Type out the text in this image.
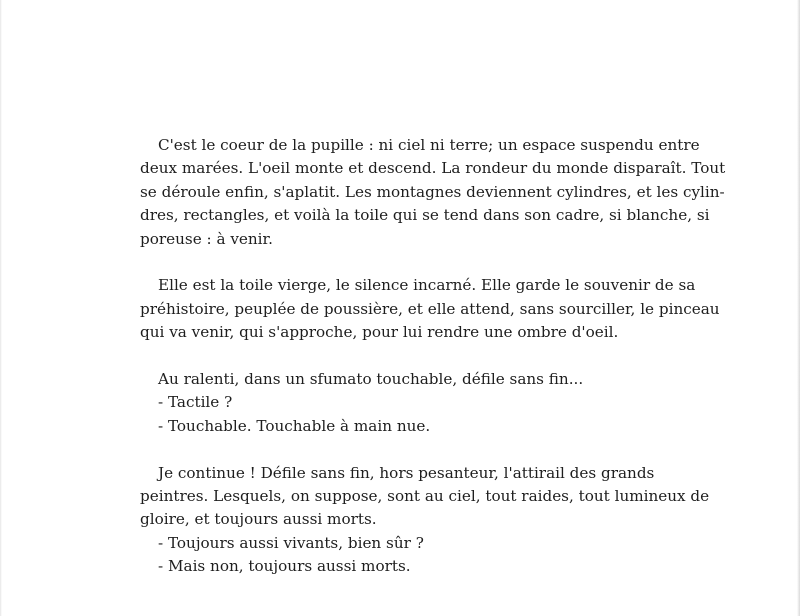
C'est le coeur de la pupille : ni ciel ni terre; un espace suspendu entre
deux marées. L'oeil monte et descend. La rondeur du monde disparaît. Tout
se déroule enfin, s'aplatit. Les montagnes deviennent cylindres, et les cylin-
dres, rectangles, et voilà la toile qui se tend dans son cadre, si blanche, si
poreuse : à venir.

Elle est la toile vierge, le silence incarné. Elle garde le souvenir de sa
préhistoire, peuplée de poussière, et elle attend, sans sourciller, le pinceau
qui va venir, qui s'approche, pour lui rendre une ombre d'oeil.

Au ralenti, dans un sfumato touchable, défile sans fin...
- Tactile ?
- Touchable. Touchable à main nue.

Je continue ! Défile sans fin, hors pesanteur, l'attirail des grands
peintres. Lesquels, on suppose, sont au ciel, tout raides, tout lumineux de
gloire, et toujours aussi morts.
- Toujours aussi vivants, bien sûr ?
- Mais non, toujours aussi morts.
